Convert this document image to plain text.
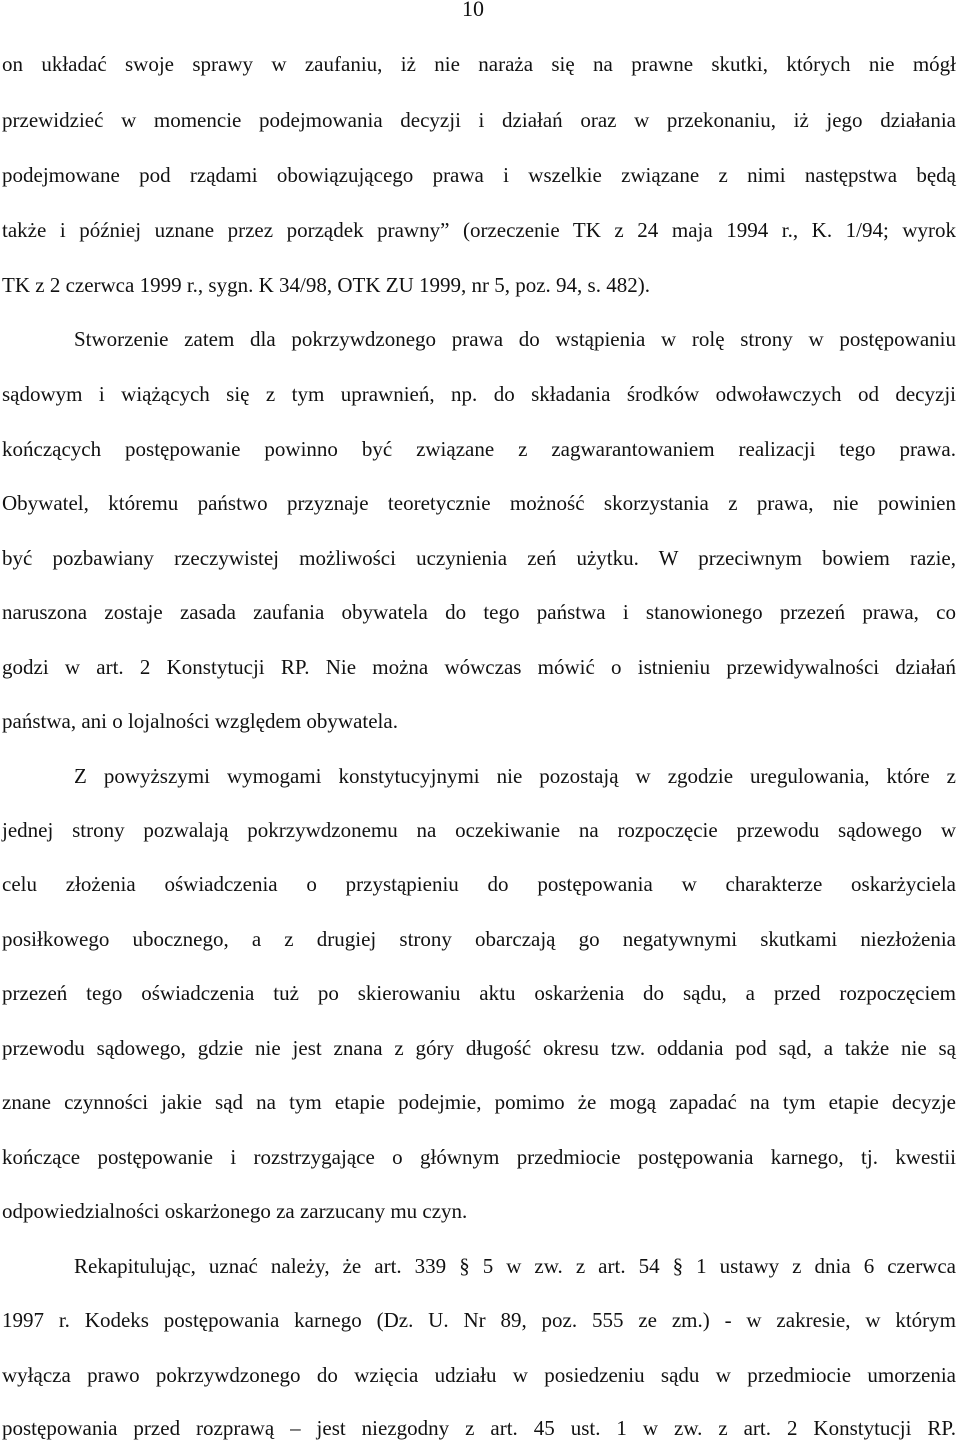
10
on układać swoje sprawy w zaufaniu, iż nie naraża się na prawne skutki, których nie mógł
przewidzieć w momencie podejmowania decyzji i działań oraz w przekonaniu, iż jego działania
podejmowane pod rządami obowiązującego prawa i wszelkie związane z nimi następstwa będą
także i później uznane przez porządek prawny” (orzeczenie TK z 24 maja 1994 r., K. 1/94; wyrok
TK z 2 czerwca 1999 r., sygn. K 34/98, OTK ZU 1999, nr 5, poz. 94, s. 482).
Stworzenie zatem dla pokrzywdzonego prawa do wstąpienia w rolę strony w postępowaniu
sądowym i wiążących się z tym uprawnień, np. do składania środków odwoławczych od decyzji
kończących postępowanie powinno być związane z zagwarantowaniem realizacji tego prawa.
Obywatel, któremu państwo przyznaje teoretycznie możność skorzystania z prawa, nie powinien
być pozbawiany rzeczywistej możliwości uczynienia zeń użytku. W przeciwnym bowiem razie,
naruszona zostaje zasada zaufania obywatela do tego państwa i stanowionego przezeń prawa, co
godzi w art. 2 Konstytucji RP. Nie można wówczas mówić o istnieniu przewidywalności działań
państwa, ani o lojalności względem obywatela.
Z powyższymi wymogami konstytucyjnymi nie pozostają w zgodzie uregulowania, które z
jednej strony pozwalają pokrzywdzonemu na oczekiwanie na rozpoczęcie przewodu sądowego w
celu złożenia oświadczenia o przystąpieniu do postępowania w charakterze oskarżyciela
posiłkowego ubocznego, a z drugiej strony obarczają go negatywnymi skutkami niezłożenia
przezeń tego oświadczenia tuż po skierowaniu aktu oskarżenia do sądu, a przed rozpoczęciem
przewodu sądowego, gdzie nie jest znana z góry długość okresu tzw. oddania pod sąd, a także nie są
znane czynności jakie sąd na tym etapie podejmie, pomimo że mogą zapadać na tym etapie decyzje
kończące postępowanie i rozstrzygające o głównym przedmiocie postępowania karnego, tj. kwestii
odpowiedzialności oskarżonego za zarzucany mu czyn.
Rekapitulując, uznać należy, że art. 339 § 5 w zw. z art. 54 § 1 ustawy z dnia 6 czerwca
1997 r. Kodeks postępowania karnego (Dz. U. Nr 89, poz. 555 ze zm.) - w zakresie, w którym
wyłącza prawo pokrzywdzonego do wzięcia udziału w posiedzeniu sądu w przedmiocie umorzenia
postępowania przed rozprawą – jest niezgodny z art. 45 ust. 1 w zw. z art. 2 Konstytucji RP.
